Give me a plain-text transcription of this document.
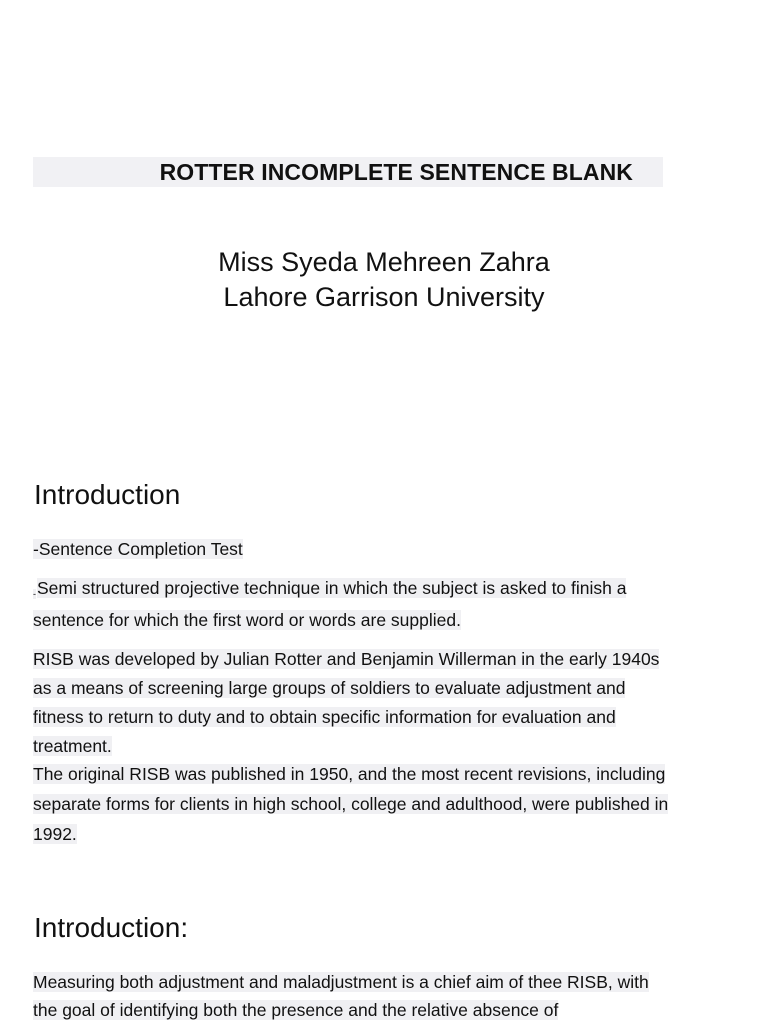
ROTTER INCOMPLETE SENTENCE BLANK
Miss Syeda Mehreen Zahra
Lahore Garrison University
Introduction
-Sentence Completion Test
-Semi structured projective technique in which the subject is asked to finish a
sentence for which the first word or words are supplied.
RISB was developed by Julian Rotter and Benjamin Willerman in the early 1940s
as a means of screening large groups of soldiers to evaluate adjustment and
fitness to return to duty and to obtain specific information for evaluation and
treatment.
The original RISB was published in 1950, and the most recent revisions, including
separate forms for clients in high school, college and adulthood, were published in
1992.
Introduction:
Measuring both adjustment and maladjustment is a chief aim of thee RISB, with
the goal of identifying both the presence and the relative absence of
